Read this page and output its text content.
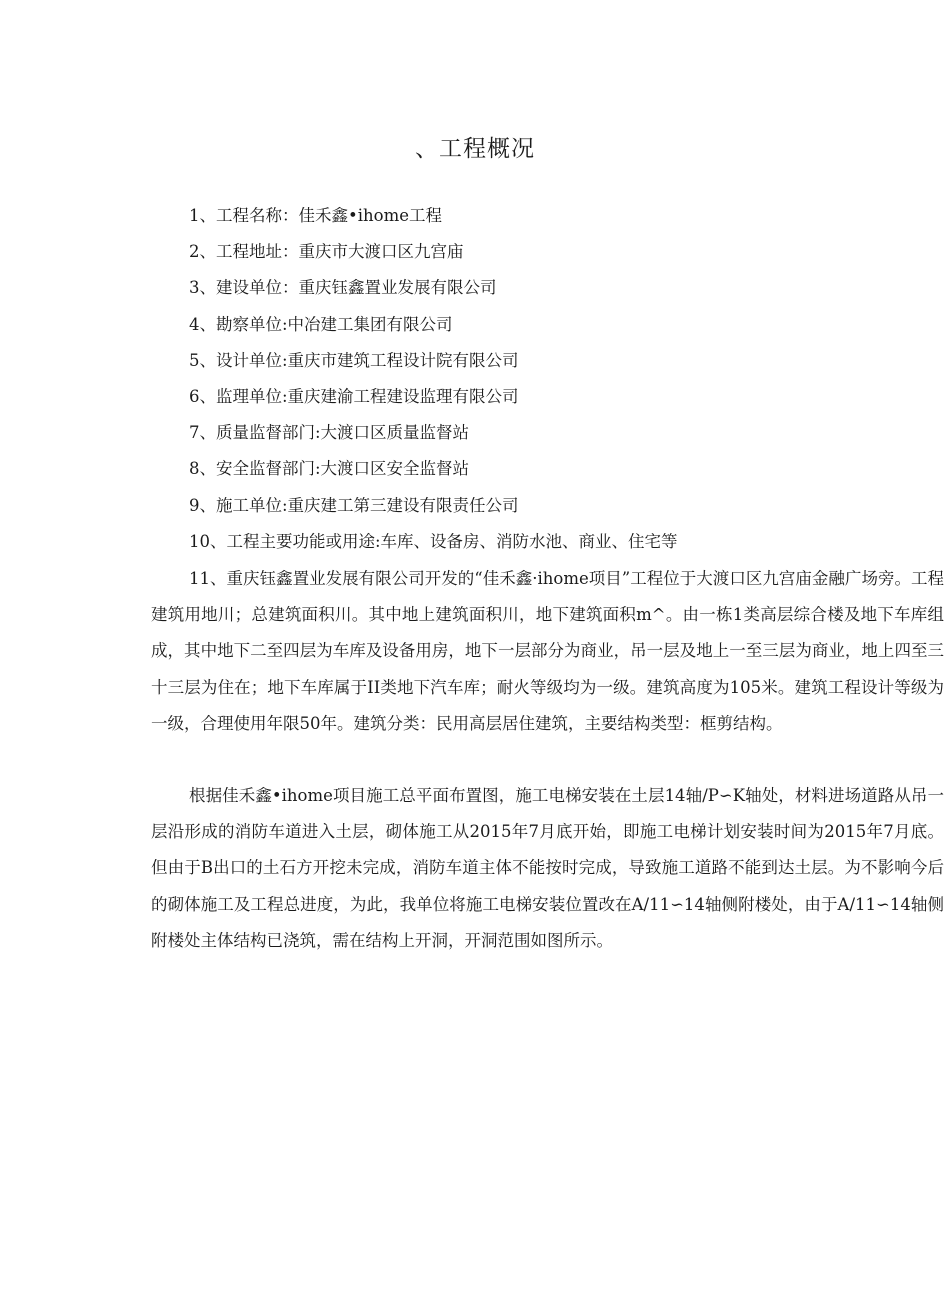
、工程概况
1、工程名称：佳禾鑫•ihome工程
2、工程地址：重庆市大渡口区九宫庙
3、建设单位：重庆钰鑫置业发展有限公司
4、勘察单位:中冶建工集团有限公司
5、设计单位:重庆市建筑工程设计院有限公司
6、监理单位:重庆建渝工程建设监理有限公司
7、质量监督部门:大渡口区质量监督站
8、安全监督部门:大渡口区安全监督站
9、施工单位:重庆建工第三建设有限责任公司
10、工程主要功能或用途:车库、设备房、消防水池、商业、住宅等

11、重庆钰鑫置业发展有限公司开发的“佳禾鑫·ihome项目”工程位于大渡口区九宫庙金融广场旁。工程建筑用地川；总建筑面积川。其中地上建筑面积川，地下建筑面积m^。由一栋1类高层综合楼及地下车库组成，其中地下二至四层为车库及设备用房，地下一层部分为商业，吊一层及地上一至三层为商业，地上四至三十三层为住在；地下车库属于II类地下汽车库；耐火等级均为一级。建筑高度为105米。建筑工程设计等级为一级，合理使用年限50年。建筑分类：民用高层居住建筑，主要结构类型：框剪结构。

根据佳禾鑫•ihome项目施工总平面布置图，施工电梯安装在土层14轴/P∽K轴处，材料进场道路从吊一层沿形成的消防车道进入土层，砌体施工从2015年7月底开始，即施工电梯计划安装时间为2015年7月底。但由于B出口的土石方开挖未完成，消防车道主体不能按时完成，导致施工道路不能到达土层。为不影响今后的砌体施工及工程总进度，为此，我单位将施工电梯安装位置改在A/11∽14轴侧附楼处，由于A/11∽14轴侧附楼处主体结构已浇筑，需在结构上开洞，开洞范围如图所示。
